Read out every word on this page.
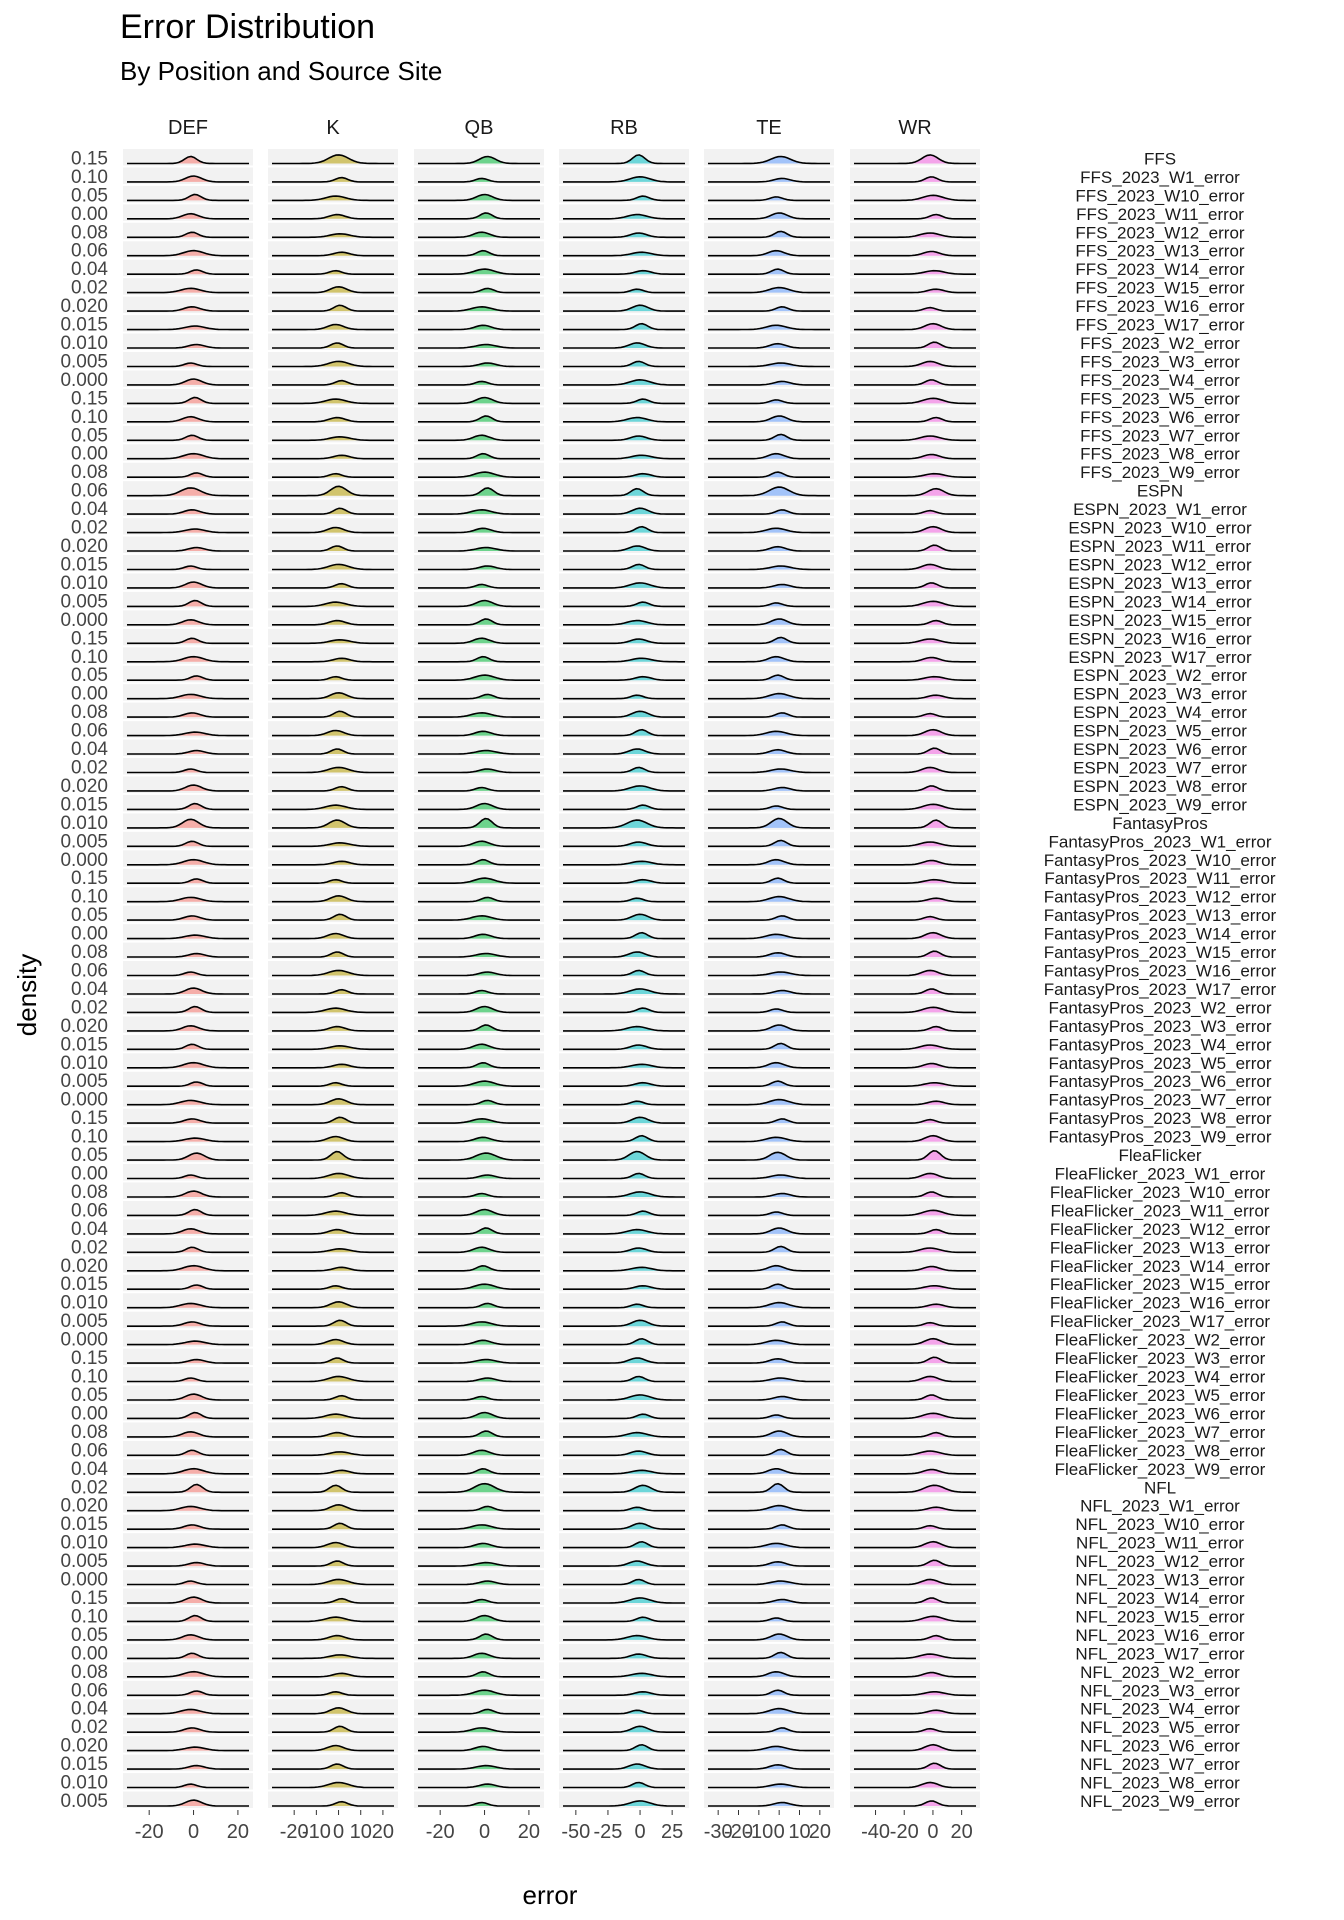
Error Distribution
By Position and Source Site
DEF	K	QB	RB	TE	WR
0.15	FFS
0.10	FFS_2023_W1_error
0.05	FFS_2023_W10_error
0.00	FFS_2023_W11_error
0.08	FFS_2023_W12_error
0.06	FFS_2023_W13_error
0.04	FFS_2023_W14_error
0.02	FFS_2023_W15_error
0.020	FFS_2023_W16_error
0.015	FFS_2023_W17_error
0.010	FFS_2023_W2_error
0.005	FFS_2023_W3_error
0.000	FFS_2023_W4_error
0.15	FFS_2023_W5_error
0.10	FFS_2023_W6_error
0.05	FFS_2023_W7_error
0.00	FFS_2023_W8_error
0.08	FFS_2023_W9_error
0.06	ESPN
0.04	ESPN_2023_W1_error
0.02	ESPN_2023_W10_error
0.020	ESPN_2023_W11_error
0.015	ESPN_2023_W12_error
0.010	ESPN_2023_W13_error
0.005	ESPN_2023_W14_error
0.000	ESPN_2023_W15_error
0.15	ESPN_2023_W16_error
0.10	ESPN_2023_W17_error
0.05	ESPN_2023_W2_error
0.00	ESPN_2023_W3_error
0.08	ESPN_2023_W4_error
0.06	ESPN_2023_W5_error
0.04	ESPN_2023_W6_error
0.02	ESPN_2023_W7_error
0.020	ESPN_2023_W8_error
0.015	ESPN_2023_W9_error
0.010	FantasyPros
0.005	FantasyPros_2023_W1_error
0.000	FantasyPros_2023_W10_error
0.15	FantasyPros_2023_W11_error
0.10	FantasyPros_2023_W12_error
0.05	FantasyPros_2023_W13_error
0.00	FantasyPros_2023_W14_error
0.08	FantasyPros_2023_W15_error
0.06	FantasyPros_2023_W16_error
0.04	FantasyPros_2023_W17_error
0.02	FantasyPros_2023_W2_error
0.020	FantasyPros_2023_W3_error
0.015	FantasyPros_2023_W4_error
0.010	FantasyPros_2023_W5_error
0.005	FantasyPros_2023_W6_error
0.000	FantasyPros_2023_W7_error
0.15	FantasyPros_2023_W8_error
0.10	FantasyPros_2023_W9_error
0.05	FleaFlicker
0.00	FleaFlicker_2023_W1_error
0.08	FleaFlicker_2023_W10_error
0.06	FleaFlicker_2023_W11_error
0.04	FleaFlicker_2023_W12_error
0.02	FleaFlicker_2023_W13_error
0.020	FleaFlicker_2023_W14_error
0.015	FleaFlicker_2023_W15_error
0.010	FleaFlicker_2023_W16_error
0.005	FleaFlicker_2023_W17_error
0.000	FleaFlicker_2023_W2_error
0.15	FleaFlicker_2023_W3_error
0.10	FleaFlicker_2023_W4_error
0.05	FleaFlicker_2023_W5_error
0.00	FleaFlicker_2023_W6_error
0.08	FleaFlicker_2023_W7_error
0.06	FleaFlicker_2023_W8_error
0.04	FleaFlicker_2023_W9_error
0.02	NFL
0.020	NFL_2023_W1_error
0.015	NFL_2023_W10_error
0.010	NFL_2023_W11_error
0.005	NFL_2023_W12_error
0.000	NFL_2023_W13_error
0.15	NFL_2023_W14_error
0.10	NFL_2023_W15_error
0.05	NFL_2023_W16_error
0.00	NFL_2023_W17_error
0.08	NFL_2023_W2_error
0.06	NFL_2023_W3_error
0.04	NFL_2023_W4_error
0.02	NFL_2023_W5_error
0.020	NFL_2023_W6_error
0.015	NFL_2023_W7_error
0.010	NFL_2023_W8_error
0.005	NFL_2023_W9_error
-20 0 20 -20
-10 0 10 20 -20 0 20 -50 -25 0 25 -30
-20
-10 0 10
20 -40 -20 0 20
error
density
